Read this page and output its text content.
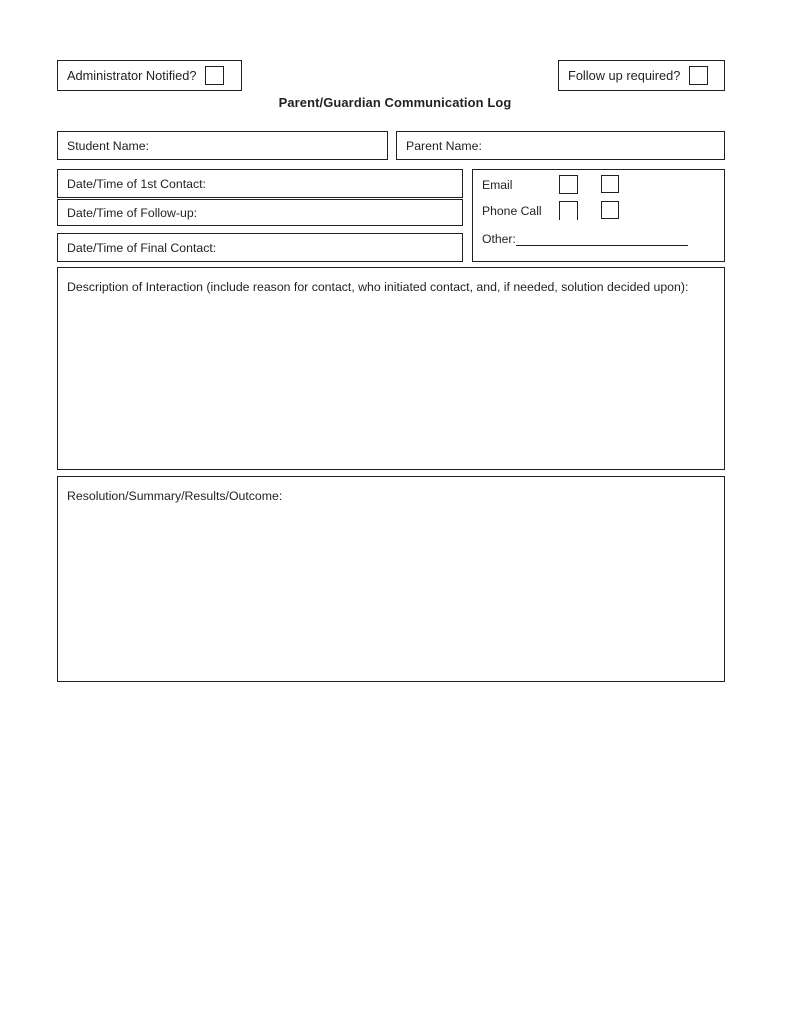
Administrator Notified?	Follow up required?
Parent/Guardian Communication Log
Student Name:	Parent Name:
Date/Time of 1st Contact:
Date/Time of Follow-up:
Date/Time of Final Contact:
Email
Phone Call
Other:
Description of Interaction (include reason for contact, who initiated contact, and, if needed, solution decided upon):
Resolution/Summary/Results/Outcome:
